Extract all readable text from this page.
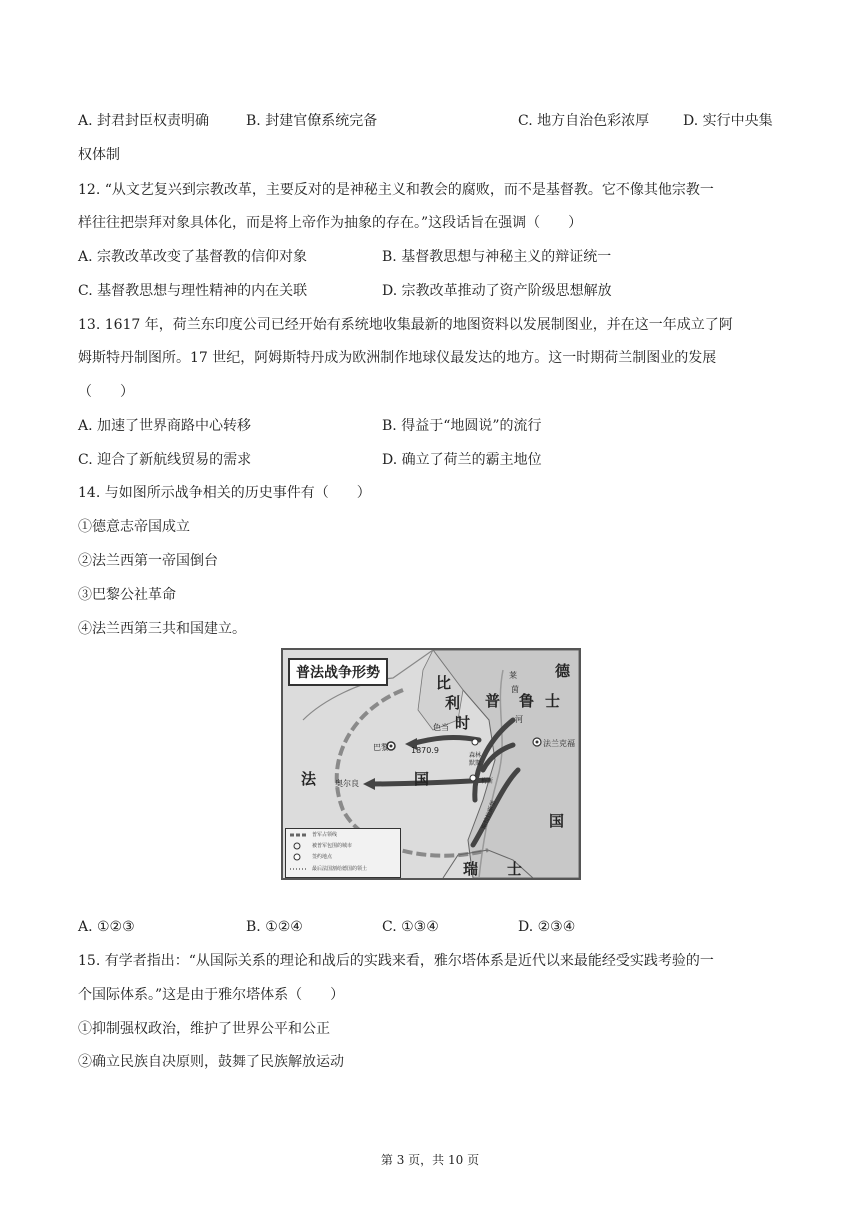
A. 封君封臣权责明确	B. 封建官僚系统完备	C. 地方自治色彩浓厚 D. 实行中央集
权体制
12. “从文艺复兴到宗教改革，主要反对的是神秘主义和教会的腐败，而不是基督教。它不像其他宗教一
样往往把崇拜对象具体化，而是将上帝作为抽象的存在。”这段话旨在强调（　　）
A. 宗教改革改变了基督教的信仰对象	B. 基督教思想与神秘主义的辩证统一
C. 基督教思想与理性精神的内在关联	D. 宗教改革推动了资产阶级思想解放
13. 1617 年，荷兰东印度公司已经开始有系统地收集最新的地图资料以发展制图业，并在这一年成立了阿
姆斯特丹制图所。17 世纪，阿姆斯特丹成为欧洲制作地球仪最发达的地方。这一时期荷兰制图业的发展
（　　）
A. 加速了世界商路中心转移	B. 得益于“地圆说”的流行
C. 迎合了新航线贸易的需求	D. 确立了荷兰的霸主地位
14. 与如图所示战争相关的历史事件有（　　）
①德意志帝国成立
②法兰西第一帝国倒台
③巴黎公社革命
④法兰西第三共和国建立。
普法战争形势
法	国
比
利
时
普
莱
茵
鲁
河
德
士
国
瑞 士
巴黎	1870.9
奥尔良
色当
法兰克福
梅斯
斯特拉斯堡
森林
默斯
普军占领线
被普军包围的城市
签约地点
最后法国割给德国的领土
A. ①②③	B. ①②④	C. ①③④	D. ②③④
15. 有学者指出：“从国际关系的理论和战后的实践来看，雅尔塔体系是近代以来最能经受实践考验的一
个国际体系。”这是由于雅尔塔体系（　　）
①抑制强权政治，维护了世界公平和公正
②确立民族自决原则，鼓舞了民族解放运动
第 3 页，共 10 页
